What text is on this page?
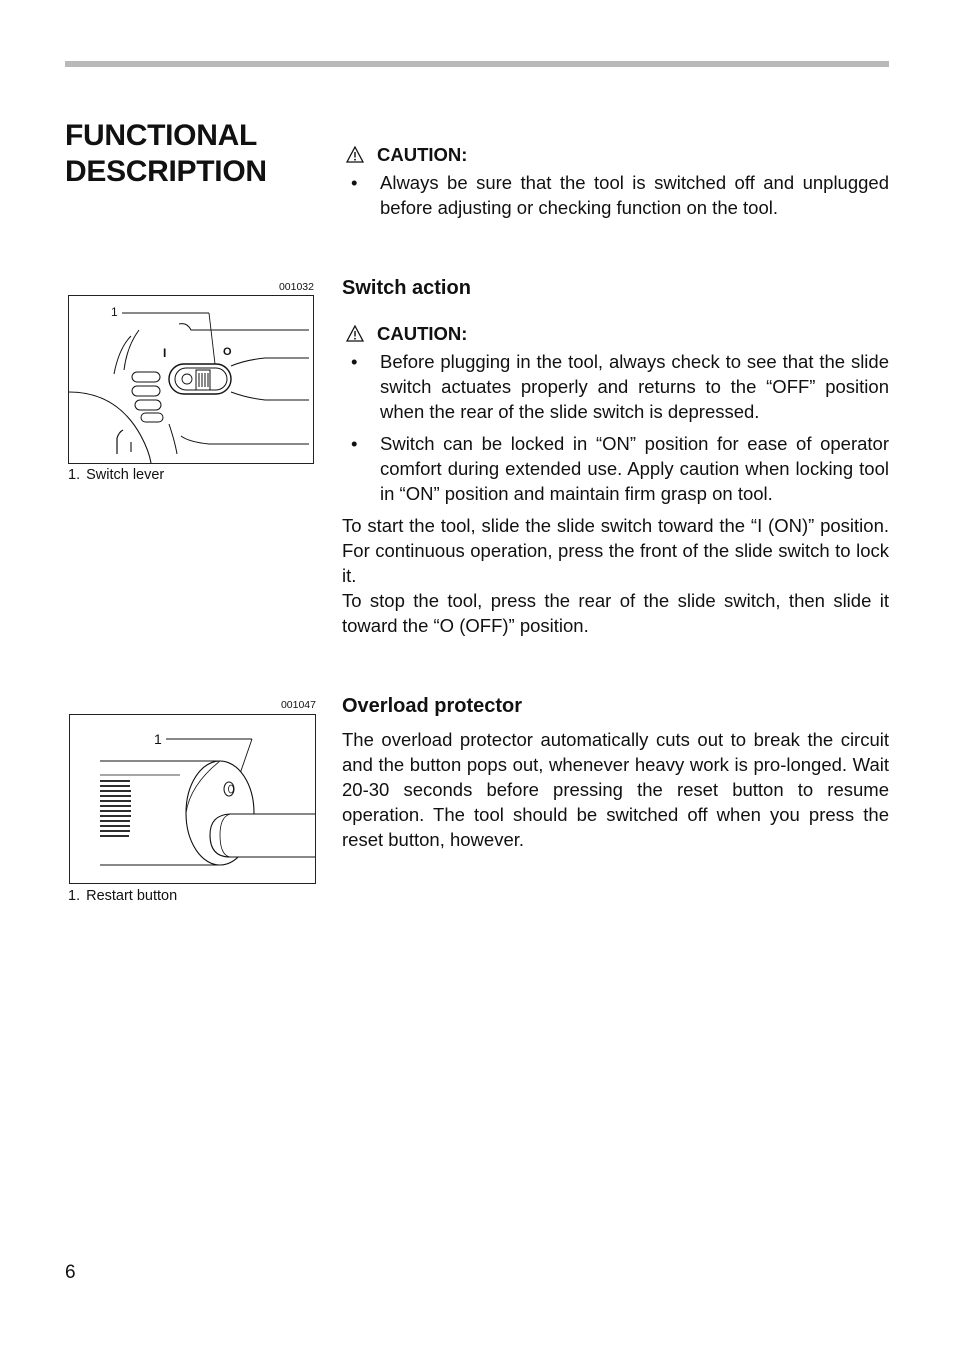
FUNCTIONAL
DESCRIPTION
CAUTION:
• Always be sure that the tool is switched off and unplugged before adjusting or checking function on the tool.
Switch action
CAUTION:
• Before plugging in the tool, always check to see that the slide switch actuates properly and returns to the “OFF” position when the rear of the slide switch is depressed.
• Switch can be locked in “ON” position for ease of operator comfort during extended use. Apply caution when locking tool in “ON” position and maintain firm grasp on tool.

To start the tool, slide the slide switch toward the “I (ON)” position. For continuous operation, press the front of the slide switch to lock it.

To stop the tool, press the rear of the slide switch, then slide it toward the “O (OFF)” position.

Overload protector

The overload protector automatically cuts out to break the circuit and the button pops out, whenever heavy work is pro-longed. Wait 20-30 seconds before pressing the reset button to resume operation. The tool should be switched off when you press the reset button, however.

001032
1
I	O
1. Switch lever
001047
1
1. Restart button
6
